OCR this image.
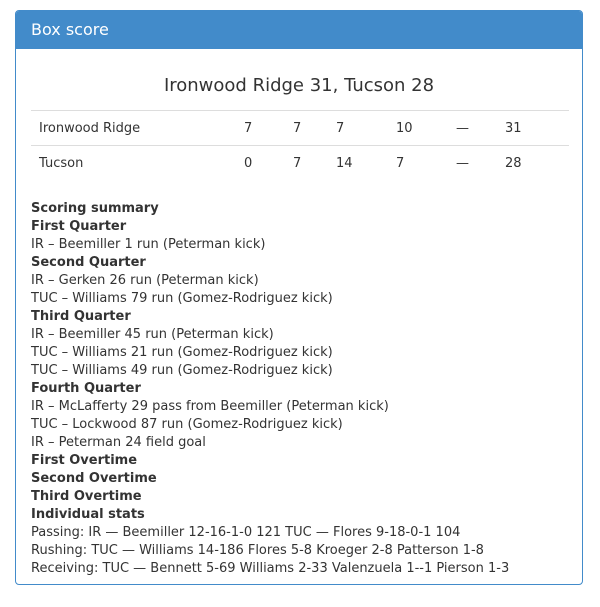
Box score
Ironwood Ridge 31, Tucson 28
Ironwood Ridge	7	7	7	10	—	31
Tucson	0	7	14	7	—	28
Scoring summary
First Quarter
IR – Beemiller 1 run (Peterman kick)
Second Quarter
IR – Gerken 26 run (Peterman kick)
TUC – Williams 79 run (Gomez-Rodriguez kick)
Third Quarter
IR – Beemiller 45 run (Peterman kick)
TUC – Williams 21 run (Gomez-Rodriguez kick)
TUC – Williams 49 run (Gomez-Rodriguez kick)
Fourth Quarter
IR – McLafferty 29 pass from Beemiller (Peterman kick)
TUC – Lockwood 87 run (Gomez-Rodriguez kick)
IR – Peterman 24 field goal
First Overtime
Second Overtime
Third Overtime
Individual stats
Passing: IR — Beemiller 12-16-1-0 121 TUC — Flores 9-18-0-1 104
Rushing: TUC — Williams 14-186 Flores 5-8 Kroeger 2-8 Patterson 1-8
Receiving: TUC — Bennett 5-69 Williams 2-33 Valenzuela 1--1 Pierson 1-3
